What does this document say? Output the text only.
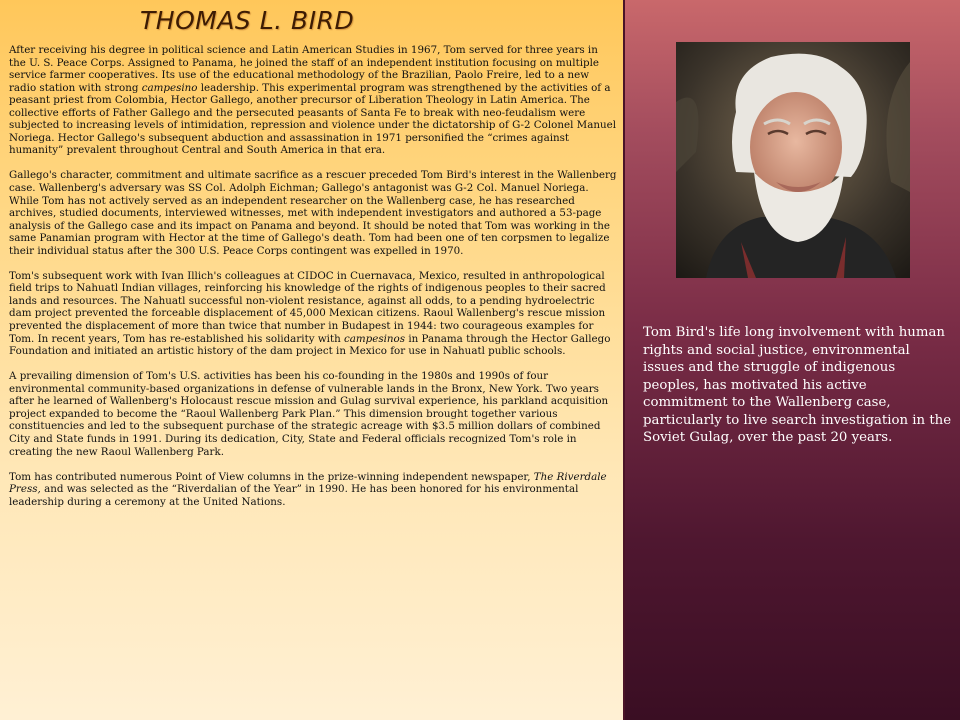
THOMAS L. BIRD

After receiving his degree in political science and Latin American Studies in 1967, Tom served for three years in the U. S. Peace Corps. Assigned to Panama, he joined the staff of an independent institution focusing on multiple service farmer cooperatives. Its use of the educational methodology of the Brazilian, Paolo Freire, led to a new radio station with strong campesino leadership. This experimental program was strengthened by the activities of a peasant priest from Colombia, Hector Gallego, another precursor of Liberation Theology in Latin America. The collective efforts of Father Gallego and the persecuted peasants of Santa Fe to break with neo-feudalism were subjected to increasing levels of intimidation, repression and violence under the dictatorship of G-2 Colonel Manuel Noriega. Hector Gallego's subsequent abduction and assassination in 1971 personified the “crimes against humanity” prevalent throughout Central and South America in that era.

Gallego's character, commitment and ultimate sacrifice as a rescuer preceded Tom Bird's interest in the Wallenberg case. Wallenberg's adversary was SS Col. Adolph Eichman; Gallego's antagonist was G-2 Col. Manuel Noriega. While Tom has not actively served as an independent researcher on the Wallenberg case, he has researched archives, studied documents, interviewed witnesses, met with independent investigators and authored a 53-page analysis of the Gallego case and its impact on Panama and beyond. It should be noted that Tom was working in the same Panamian program with Hector at the time of Gallego's death. Tom had been one of ten corpsmen to legalize their individual status after the 300 U.S. Peace Corps contingent was expelled in 1970.

Tom's subsequent work with Ivan Illich's colleagues at CIDOC in Cuernavaca, Mexico, resulted in anthropological field trips to Nahuatl Indian villages, reinforcing his knowledge of the rights of indigenous peoples to their sacred lands and resources. The Nahuatl successful non-violent resistance, against all odds, to a pending hydroelectric dam project prevented the forceable displacement of 45,000 Mexican citizens. Raoul Wallenberg's rescue mission prevented the displacement of more than twice that number in Budapest in 1944: two courageous examples for Tom. In recent years, Tom has re-established his solidarity with campesinos in Panama through the Hector Gallego Foundation and initiated an artistic history of the dam project in Mexico for use in Nahuatl public schools.

A prevailing dimension of Tom's U.S. activities has been his co-founding in the 1980s and 1990s of four environmental community-based organizations in defense of vulnerable lands in the Bronx, New York. Two years after he learned of Wallenberg's Holocaust rescue mission and Gulag survival experience, his parkland acquisition project expanded to become the “Raoul Wallenberg Park Plan.” This dimension brought together various constituencies and led to the subsequent purchase of the strategic acreage with $3.5 million dollars of combined City and State funds in 1991. During its dedication, City, State and Federal officials recognized Tom's role in creating the new Raoul Wallenberg Park.

Tom has contributed numerous Point of View columns in the prize-winning independent newspaper, The Riverdale Press, and was selected as the “Riverdalian of the Year” in 1990. He has been honored for his environmental leadership during a ceremony at the United Nations.

Tom Bird's life long involvement with human rights and social justice, environmental issues and the struggle of indigenous peoples, has motivated his active commitment to the Wallenberg case, particularly to live search investigation in the Soviet Gulag, over the past 20 years.
